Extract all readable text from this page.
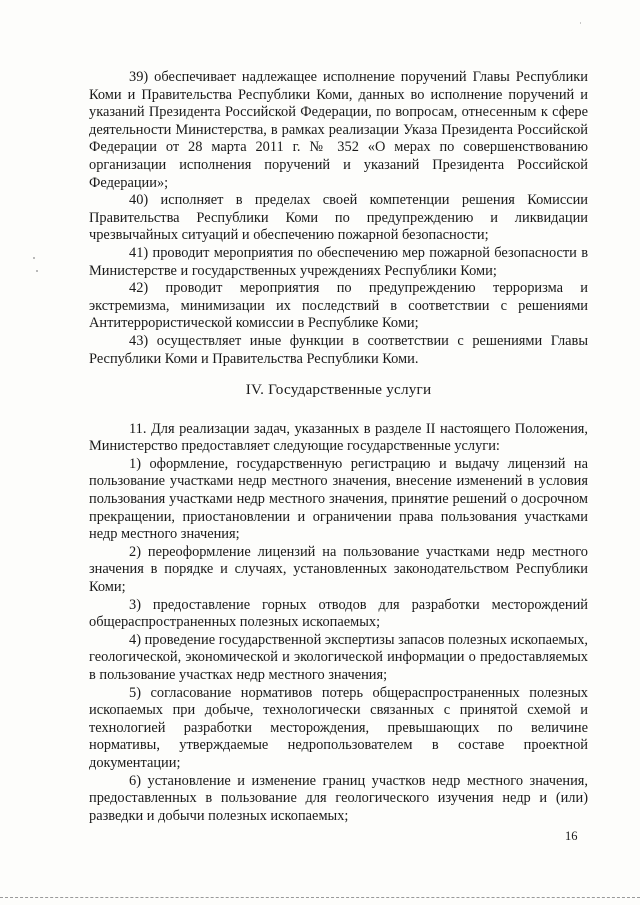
39) обеспечивает надлежащее исполнение поручений Главы Республики Коми и Правительства Республики Коми, данных во исполнение поручений и указаний Президента Российской Федерации, по вопросам, отнесенным к сфере деятельности Министерства, в рамках реализации Указа Президента Российской Федерации от 28 марта 2011 г. № 352 «О мерах по совершенствованию организации исполнения поручений и указаний Президента Российской Федерации»;

40) исполняет в пределах своей компетенции решения Комиссии Правительства Республики Коми по предупреждению и ликвидации чрезвычайных ситуаций и обеспечению пожарной безопасности;

41) проводит мероприятия по обеспечению мер пожарной безопасности в Министерстве и государственных учреждениях Республики Коми;

42) проводит мероприятия по предупреждению терроризма и экстремизма, минимизации их последствий в соответствии с решениями Антитеррористической комиссии в Республике Коми;

43) осуществляет иные функции в соответствии с решениями Главы Республики Коми и Правительства Республики Коми.

IV. Государственные услуги

11. Для реализации задач, указанных в разделе II настоящего Положения, Министерство предоставляет следующие государственные услуги:

1) оформление, государственную регистрацию и выдачу лицензий на пользование участками недр местного значения, внесение изменений в условия пользования участками недр местного значения, принятие решений о досрочном прекращении, приостановлении и ограничении права пользования участками недр местного значения;

2) переоформление лицензий на пользование участками недр местного значения в порядке и случаях, установленных законодательством Республики Коми;

3) предоставление горных отводов для разработки месторождений общераспространенных полезных ископаемых;

4) проведение государственной экспертизы запасов полезных ископаемых, геологической, экономической и экологической информации о предоставляемых в пользование участках недр местного значения;

5) согласование нормативов потерь общераспространенных полезных ископаемых при добыче, технологически связанных с принятой схемой и технологией разработки месторождения, превышающих по величине нормативы, утверждаемые недропользователем в составе проектной документации;

6) установление и изменение границ участков недр местного значения, предоставленных в пользование для геологического изучения недр и (или) разведки и добычи полезных ископаемых;

16
